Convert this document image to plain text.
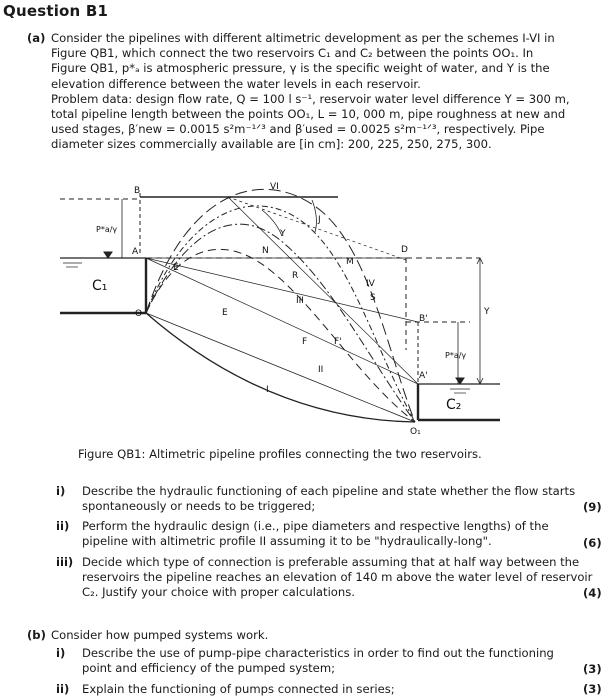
Question B1
(a) Consider the pipelines with different altimetric development as per the schemes I-VI in
Figure QB1, which connect the two reservoirs C₁ and C₂ between the points OO₁. In
Figure QB1, p*ₐ is atmospheric pressure, γ is the specific weight of water, and Y is the
elevation difference between the water levels in each reservoir.
Problem data: design flow rate, Q = 100 l s⁻¹, reservoir water level difference Y = 300 m,
total pipeline length between the points OO₁, L = 10, 000 m, pipe roughness at new and
used stages, β′new = 0.0015 s²m⁻¹ᐟ³ and β′used = 0.0025 s²m⁻¹ᐟ³, respectively. Pipe
diameter sizes commercially available are [in cm]: 200, 225, 250, 275, 300.
B
A
O
C₁
P*a/γ
E'
E
VI
Y
J
N
R
M
III
IV
S
F	F'
II
I
D
B'
A'
Y
P*a/γ
C₂
O₁
Figure QB1: Altimetric pipeline profiles connecting the two reservoirs.
i) Describe the hydraulic functioning of each pipeline and state whether the flow starts
spontaneously or needs to be triggered;	(9)
ii) Perform the hydraulic design (i.e., pipe diameters and respective lengths) of the
pipeline with altimetric profile II assuming it to be "hydraulically-long".	(6)
iii) Decide which type of connection is preferable assuming that at half way between the
reservoirs the pipeline reaches an elevation of 140 m above the water level of reservoir
C₂. Justify your choice with proper calculations.	(4)
(b) Consider how pumped systems work.
i) Describe the use of pump-pipe characteristics in order to find out the functioning
point and efficiency of the pumped system;	(3)
ii) Explain the functioning of pumps connected in series;	(3)
